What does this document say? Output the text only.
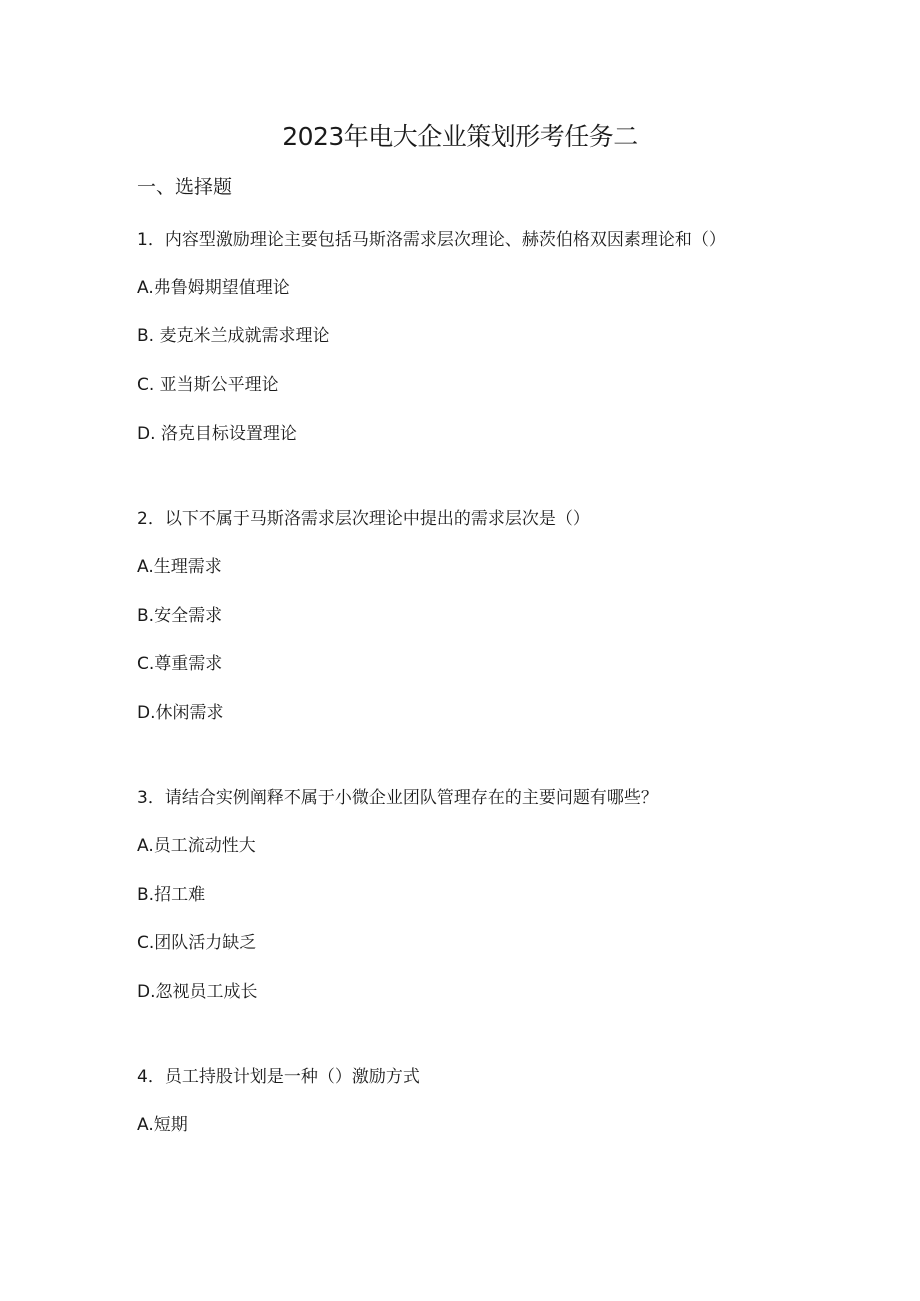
2023年电大企业策划形考任务二
一、选择题
1．内容型激励理论主要包括马斯洛需求层次理论、赫茨伯格双因素理论和（）
A.弗鲁姆期望值理论
B. 麦克米兰成就需求理论
C. 亚当斯公平理论
D. 洛克目标设置理论
2．以下不属于马斯洛需求层次理论中提出的需求层次是（）
A.生理需求
B.安全需求
C.尊重需求
D.休闲需求
3．请结合实例阐释不属于小微企业团队管理存在的主要问题有哪些？
A.员工流动性大
B.招工难
C.团队活力缺乏
D.忽视员工成长
4．员工持股计划是一种（）激励方式
A.短期
